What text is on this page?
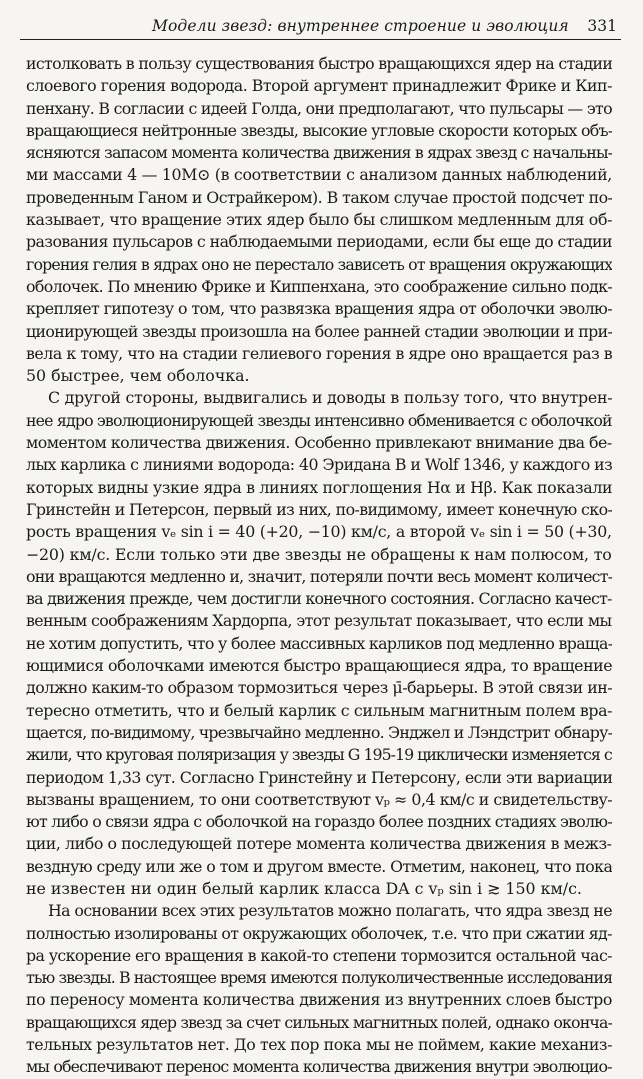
Модели звезд: внутреннее строение и эволюция 331
истолковать в пользу существования быстро вращающихся ядер на стадии
слоевого горения водорода. Второй аргумент принадлежит Фрике и Кип-
пенхану. В согласии с идеей Голда, они предполагают, что пульсары — это
вращающиеся нейтронные звезды, высокие угловые скорости которых объ-
ясняются запасом момента количества движения в ядрах звезд с начальны-
ми массами 4 — 10M⊙ (в соответствии с анализом данных наблюдений,
проведенным Ганом и Острайкером). В таком случае простой подсчет по-
казывает, что вращение этих ядер было бы слишком медленным для об-
разования пульсаров с наблюдаемыми периодами, если бы еще до стадии
горения гелия в ядрах оно не перестало зависеть от вращения окружающих
оболочек. По мнению Фрике и Киппенхана, это соображение сильно подк-
крепляет гипотезу о том, что развязка вращения ядра от оболочки эволю-
ционирующей звезды произошла на более ранней стадии эволюции и при-
вела к тому, что на стадии гелиевого горения в ядре оно вращается раз в
50 быстрее, чем оболочка.
С другой стороны, выдвигались и доводы в пользу того, что внутрен-
нее ядро эволюционирующей звезды интенсивно обменивается с оболочкой
моментом количества движения. Особенно привлекают внимание два бе-
лых карлика с линиями водорода: 40 Эридана B и Wolf 1346, у каждого из
которых видны узкие ядра в линиях поглощения Hα и Hβ. Как показали
Гринстейн и Петерсон, первый из них, по-видимому, имеет конечную ско-
рость вращения vₑ sin i = 40 (+20, −10) км/с, а второй vₑ sin i = 50 (+30,
−20) км/с. Если только эти две звезды не обращены к нам полюсом, то
они вращаются медленно и, значит, потеряли почти весь момент количест-
ва движения прежде, чем достигли конечного состояния. Согласно качест-
венным соображениям Хардорпа, этот результат показывает, что если мы
не хотим допустить, что у более массивных карликов под медленно враща-
ющимися оболочками имеются быстро вращающиеся ядра, то вращение
должно каким-то образом тормозиться через μ̄-барьеры. В этой связи ин-
тересно отметить, что и белый карлик с сильным магнитным полем вра-
щается, по-видимому, чрезвычайно медленно. Энджел и Лэндстрит обнару-
жили, что круговая поляризация у звезды G 195-19 циклически изменяется с
периодом 1,33 сут. Согласно Гринстейну и Петерсону, если эти вариации
вызваны вращением, то они соответствуют vₚ ≈ 0,4 км/с и свидетельству-
ют либо о связи ядра с оболочкой на гораздо более поздних стадиях эволю-
ции, либо о последующей потере момента количества движения в межз-
вездную среду или же о том и другом вместе. Отметим, наконец, что пока
не известен ни один белый карлик класса DA с vₚ sin i ≳ 150 км/с.
На основании всех этих результатов можно полагать, что ядра звезд не
полностью изолированы от окружающих оболочек, т.е. что при сжатии яд-
ра ускорение его вращения в какой-то степени тормозится остальной час-
тью звезды. В настоящее время имеются полуколичественные исследования
по переносу момента количества движения из внутренних слоев быстро
вращающихся ядер звезд за счет сильных магнитных полей, однако оконча-
тельных результатов нет. До тех пор пока мы не поймем, какие механиз-
мы обеспечивают перенос момента количества движения внутри эволюцио-
